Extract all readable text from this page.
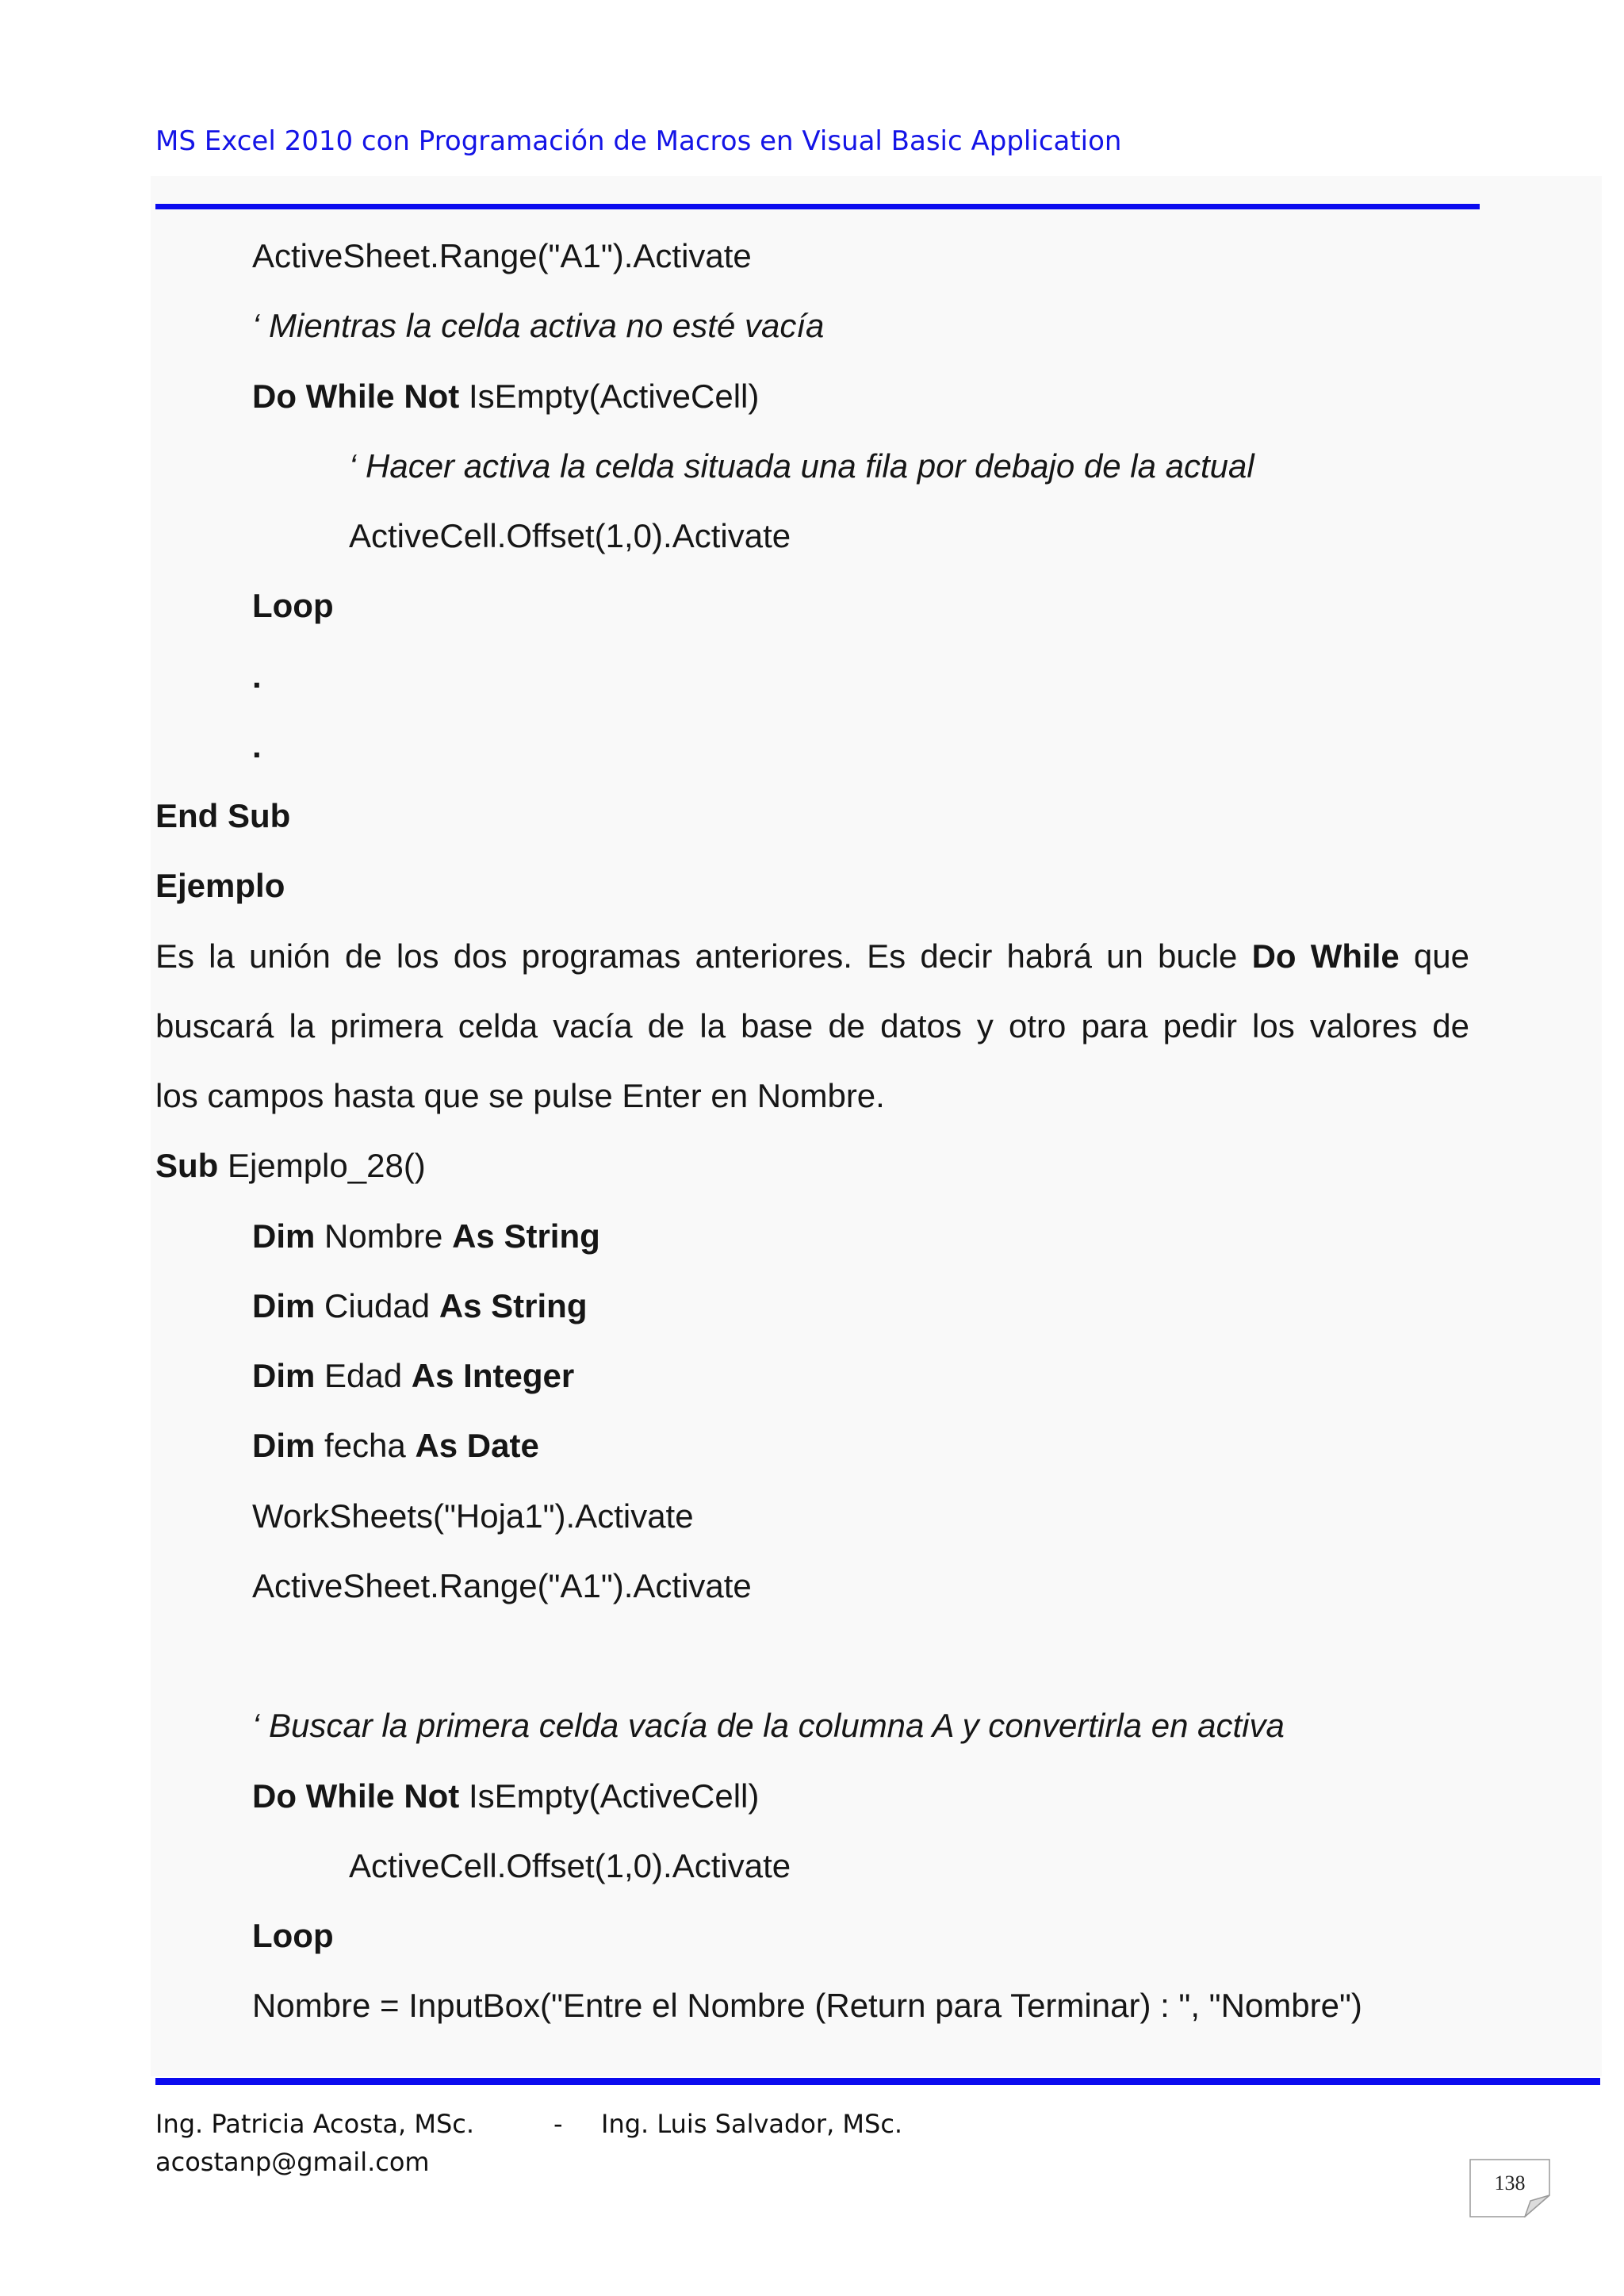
MS Excel 2010 con Programación de Macros en Visual Basic Application
ActiveSheet.Range("A1").Activate
‘ Mientras la celda activa no esté vacía
Do While Not IsEmpty(ActiveCell)
‘ Hacer activa la celda situada una fila por debajo de la actual
ActiveCell.Offset(1,0).Activate
Loop
.
.
End Sub
Ejemplo
Es la unión de los dos programas anteriores. Es decir habrá un bucle Do While que
buscará la primera celda vacía de la base de datos y otro para pedir los valores de
los campos hasta que se pulse Enter en Nombre.
Sub Ejemplo_28()
Dim Nombre As String
Dim Ciudad As String
Dim Edad As Integer
Dim fecha As Date
WorkSheets("Hoja1").Activate
ActiveSheet.Range("A1").Activate
‘ Buscar la primera celda vacía de la columna A y convertirla en activa
Do While Not IsEmpty(ActiveCell)
ActiveCell.Offset(1,0).Activate
Loop
Nombre = InputBox("Entre el Nombre (Return para Terminar) : ", "Nombre")
Ing. Patricia Acosta, MSc.	- Ing. Luis Salvador, MSc.
acostanp@gmail.com
138
